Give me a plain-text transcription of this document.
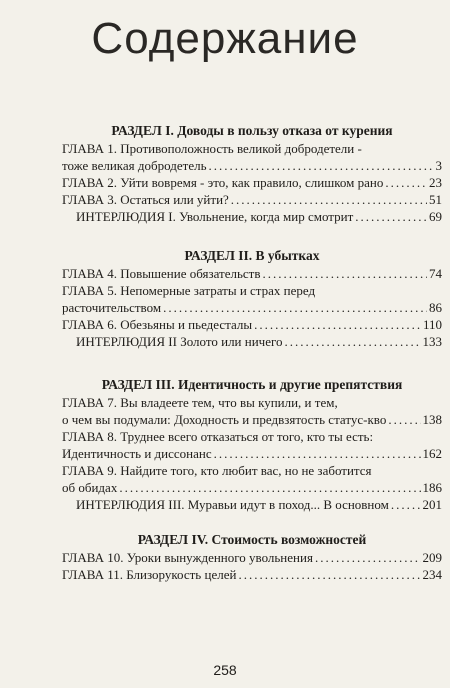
Содержание
РАЗДЕЛ I. Доводы в пользу отказа от курения
ГЛАВА 1. Противоположность великой добродетели -
тоже великая добродетель .....	3
ГЛАВА 2. Уйти вовремя - это, как правило, слишком рано .....	23
ГЛАВА 3. Остаться или уйти? .....	51
ИНТЕРЛЮДИЯ I. Увольнение, когда мир смотрит .....	69
РАЗДЕЛ II. В убытках
ГЛАВА 4. Повышение обязательств .....	74
ГЛАВА 5. Непомерные затраты и страх перед
расточительством .....	86
ГЛАВА 6. Обезьяны и пьедесталы .....	110
ИНТЕРЛЮДИЯ II Золото или ничего .....	133
РАЗДЕЛ III. Идентичность и другие препятствия
ГЛАВА 7. Вы владеете тем, что вы купили, и тем,
о чем вы подумали: Доходность и предвзятость статус-кво .....	138
ГЛАВА 8. Труднее всего отказаться от того, кто ты есть:
Идентичность и диссонанс .....	162
ГЛАВА 9. Найдите того, кто любит вас, но не заботится
об обидах .....	186
ИНТЕРЛЮДИЯ III. Муравьи идут в поход... В основном .....	201
РАЗДЕЛ IV. Стоимость возможностей
ГЛАВА 10. Уроки вынужденного увольнения .....	209
ГЛАВА 11. Близорукость целей .....	234
258
